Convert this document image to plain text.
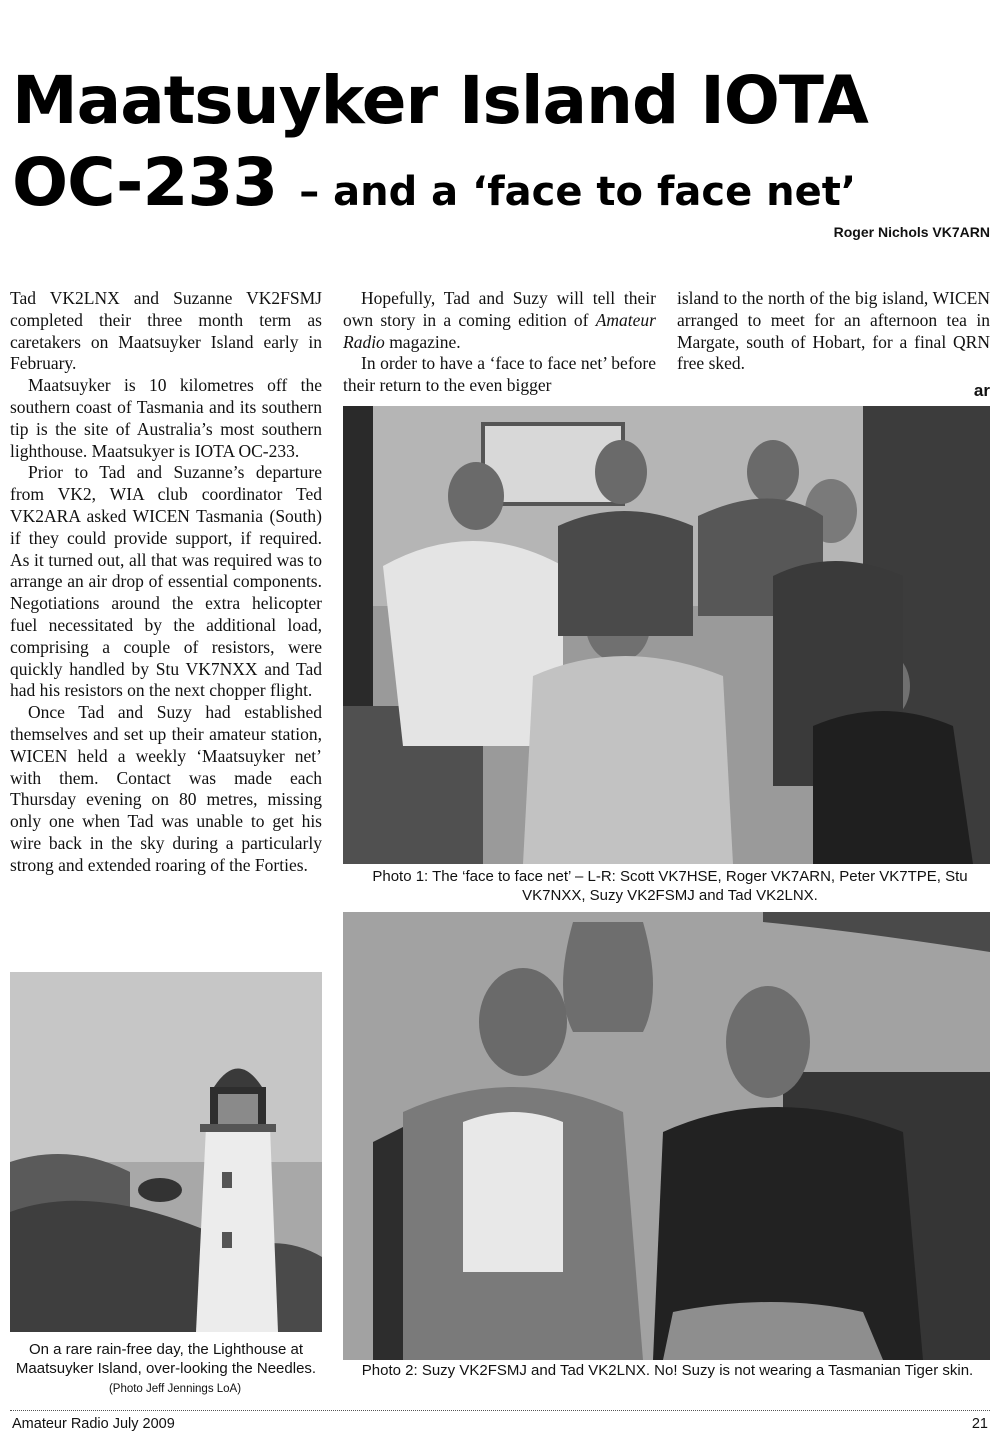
Maatsuyker Island IOTA
OC-233 – and a ‘face to face net’
Roger Nichols VK7ARN

Tad VK2LNX and Suzanne VK2FSMJ completed their three month term as caretakers on Maatsuyker Island early in February.

Maatsuyker is 10 kilometres off the southern coast of Tasmania and its southern tip is the site of Australia’s most southern lighthouse. Maatsukyer is IOTA OC-233.

Prior to Tad and Suzanne’s departure from VK2, WIA club coordinator Ted VK2ARA asked WICEN Tasmania (South) if they could provide support, if required. As it turned out, all that was required was to arrange an air drop of essential components. Negotiations around the extra helicopter fuel necessitated by the additional load, comprising a couple of resistors, were quickly handled by Stu VK7NXX and Tad had his resistors on the next chopper flight.

Once Tad and Suzy had established themselves and set up their amateur station, WICEN held a weekly ‘Maatsuyker net’ with them. Contact was made each Thursday evening on 80 metres, missing only one when Tad was unable to get his wire back in the sky during a particularly strong and extended roaring of the Forties.

Hopefully, Tad and Suzy will tell their own story in a coming edition of Amateur Radio magazine.

In order to have a ‘face to face net’ before their return to the even bigger

island to the north of the big island, WICEN arranged to meet for an afternoon tea in Margate, south of Hobart, for a final QRN free sked.

ar
Photo 1: The ‘face to face net’ – L-R: Scott VK7HSE, Roger VK7ARN, Peter VK7TPE, Stu VK7NXX, Suzy VK2FSMJ and Tad VK2LNX.
On a rare rain-free day, the Lighthouse at Maatsuyker Island, over-looking the Needles. (Photo Jeff Jennings LoA)
Photo 2: Suzy VK2FSMJ and Tad VK2LNX. No! Suzy is not wearing a Tasmanian Tiger skin.
Amateur Radio July 2009	21
